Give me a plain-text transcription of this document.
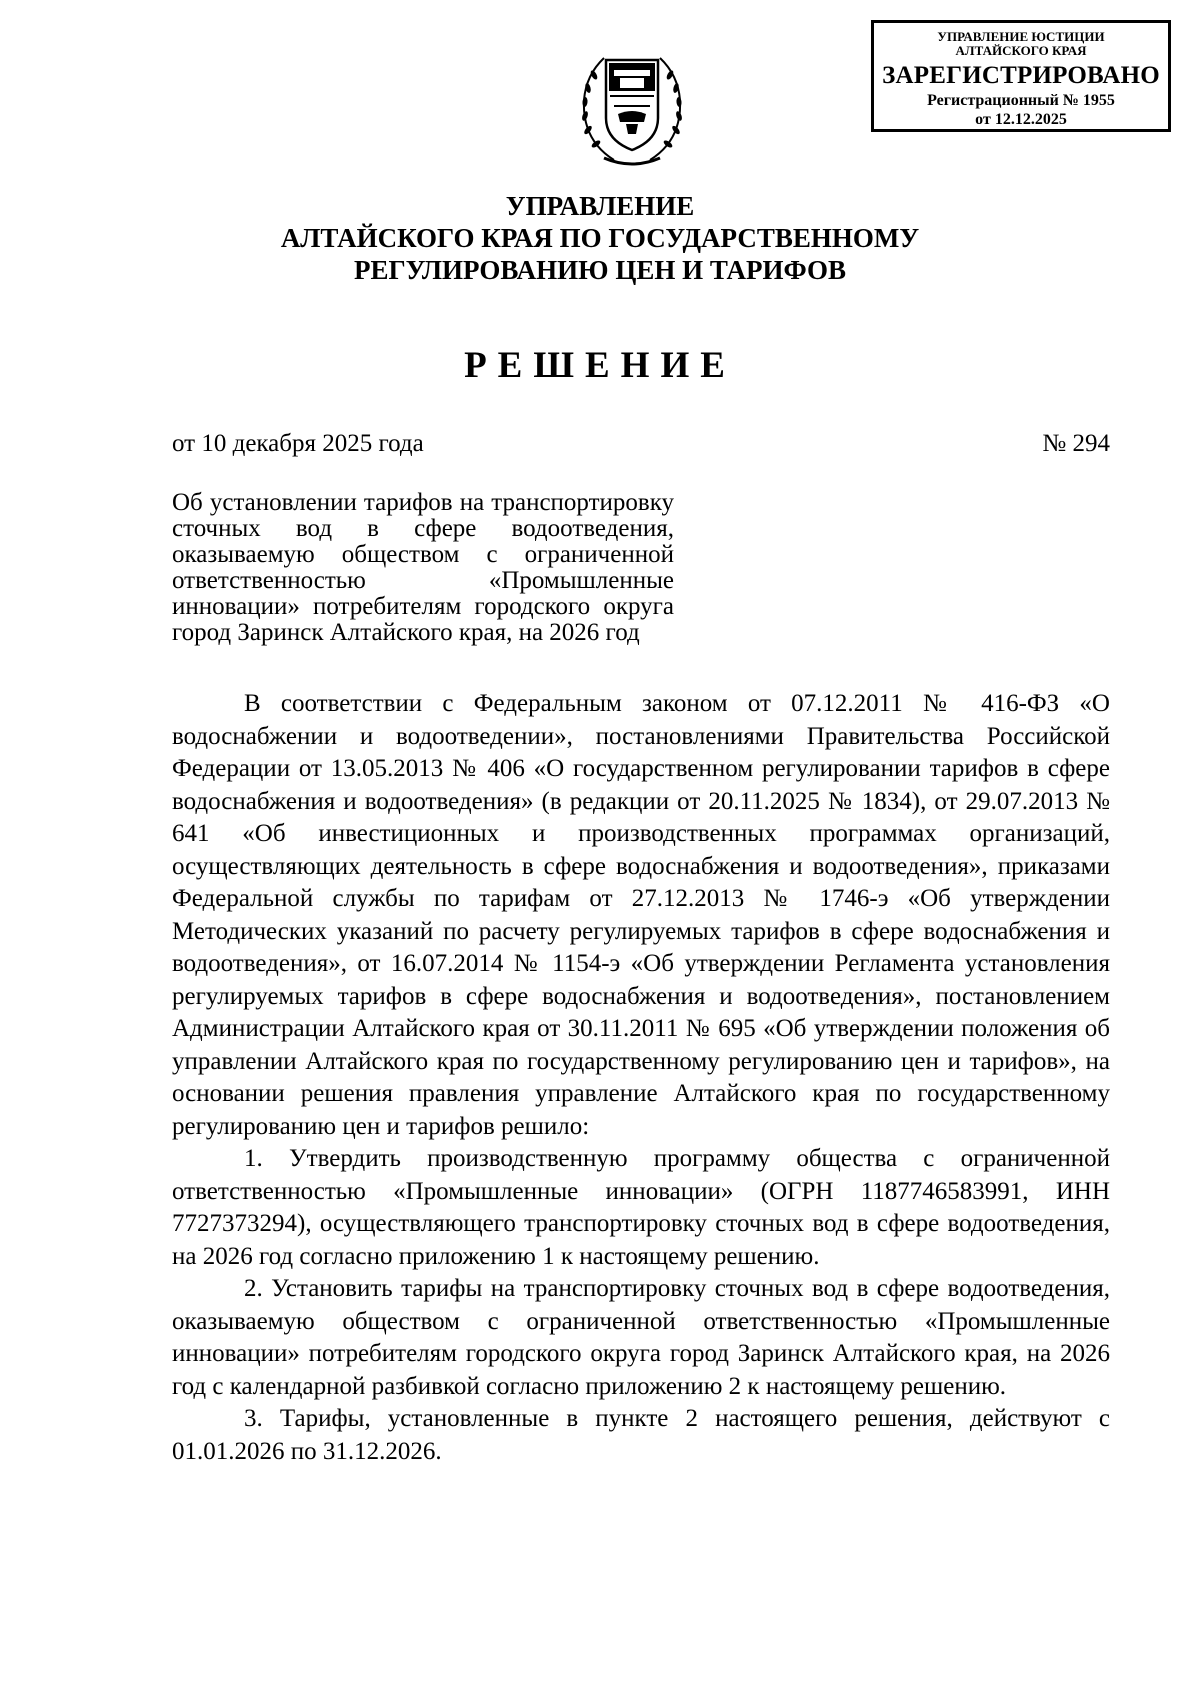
УПРАВЛЕНИЕ ЮСТИЦИИ
АЛТАЙСКОГО КРАЯ
ЗАРЕГИСТРИРОВАНО
Регистрационный № 1955
от 12.12.2025
УПРАВЛЕНИЕ
АЛТАЙСКОГО КРАЯ ПО ГОСУДАРСТВЕННОМУ
РЕГУЛИРОВАНИЮ ЦЕН И ТАРИФОВ
РЕШЕНИЕ
от 10 декабря 2025 года	№ 294
Об установлении тарифов на транспортировку сточных вод в сфере водоотведения, оказываемую обществом с ограниченной ответственностью «Промышленные инновации» потребителям городского округа город Заринск Алтайского края, на 2026 год

В соответствии с Федеральным законом от 07.12.2011 № 416-ФЗ «О водоснабжении и водоотведении», постановлениями Правительства Российской Федерации от 13.05.2013 № 406 «О государственном регулировании тарифов в сфере водоснабжения и водоотведения» (в редакции от 20.11.2025 № 1834), от 29.07.2013 № 641 «Об инвестиционных и производственных программах организаций, осуществляющих деятельность в сфере водоснабжения и водоотведения», приказами Федеральной службы по тарифам от 27.12.2013 № 1746-э «Об утверждении Методических указаний по расчету регулируемых тарифов в сфере водоснабжения и водоотведения», от 16.07.2014 № 1154-э «Об утверждении Регламента установления регулируемых тарифов в сфере водоснабжения и водоотведения», постановлением Администрации Алтайского края от 30.11.2011 № 695 «Об утверждении положения об управлении Алтайского края по государственному регулированию цен и тарифов», на основании решения правления управление Алтайского края по государственному регулированию цен и тарифов решило:

1. Утвердить производственную программу общества с ограниченной ответственностью «Промышленные инновации» (ОГРН 1187746583991, ИНН 7727373294), осуществляющего транспортировку сточных вод в сфере водоотведения, на 2026 год согласно приложению 1 к настоящему решению.

2. Установить тарифы на транспортировку сточных вод в сфере водоотведения, оказываемую обществом с ограниченной ответственностью «Промышленные инновации» потребителям городского округа город Заринск Алтайского края, на 2026 год с календарной разбивкой согласно приложению 2 к настоящему решению.

3. Тарифы, установленные в пункте 2 настоящего решения, действуют с 01.01.2026 по 31.12.2026.
